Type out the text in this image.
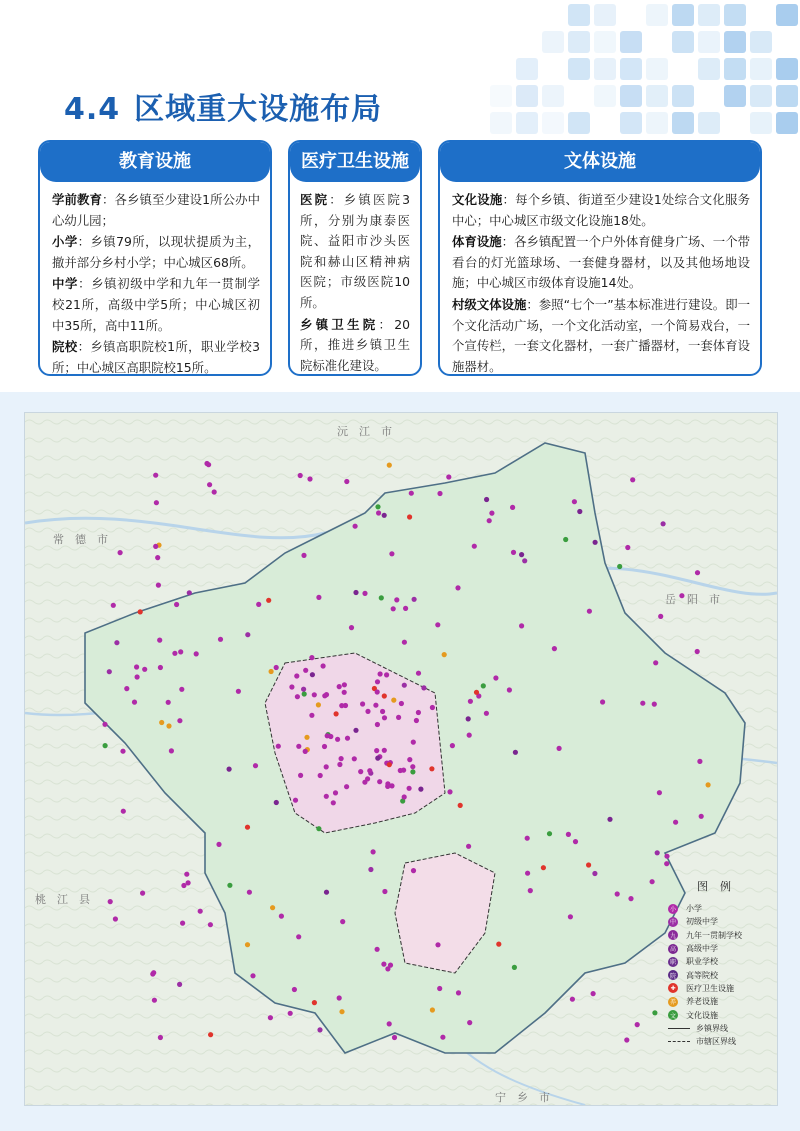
4.4 区域重大设施布局
教育设施

学前教育：各乡镇至少建设1所公办中心幼儿园；

小学：乡镇79所，以现状提质为主，撤并部分乡村小学；中心城区68所。

中学：乡镇初级中学和九年一贯制学校21所，高级中学5所；中心城区初中35所，高中11所。

院校：乡镇高职院校1所，职业学校3所；中心城区高职院校15所。

医疗卫生设施

医院：乡镇医院3所，分别为康泰医院、益阳市沙头医院和赫山区精神病医院；市级医院10所。

乡镇卫生院：20所，推进乡镇卫生院标准化建设。

文体设施

文化设施：每个乡镇、街道至少建设1处综合文化服务中心；中心城区市级文化设施18处。

体育设施：各乡镇配置一个户外体育健身广场、一个带看台的灯光篮球场、一套健身器材，以及其他场地设施；中心城区市级体育设施14处。

村级文体设施：参照“七个一”基本标准进行建设。即一个文化活动广场，一个文化活动室，一个简易戏台，一个宣传栏，一套文化器材，一套广播器材，一套体育设施器材。

沅　江　市
常　德　市
岳　阳　市
桃　江　县
宁　乡　市
图例
小 小学
中 初级中学
九 九年一贯制学校
高 高级中学
职 职业学校
院 高等院校
✚	医疗卫生设施
养 养老设施
文 文化设施
乡镇界线
市辖区界线
